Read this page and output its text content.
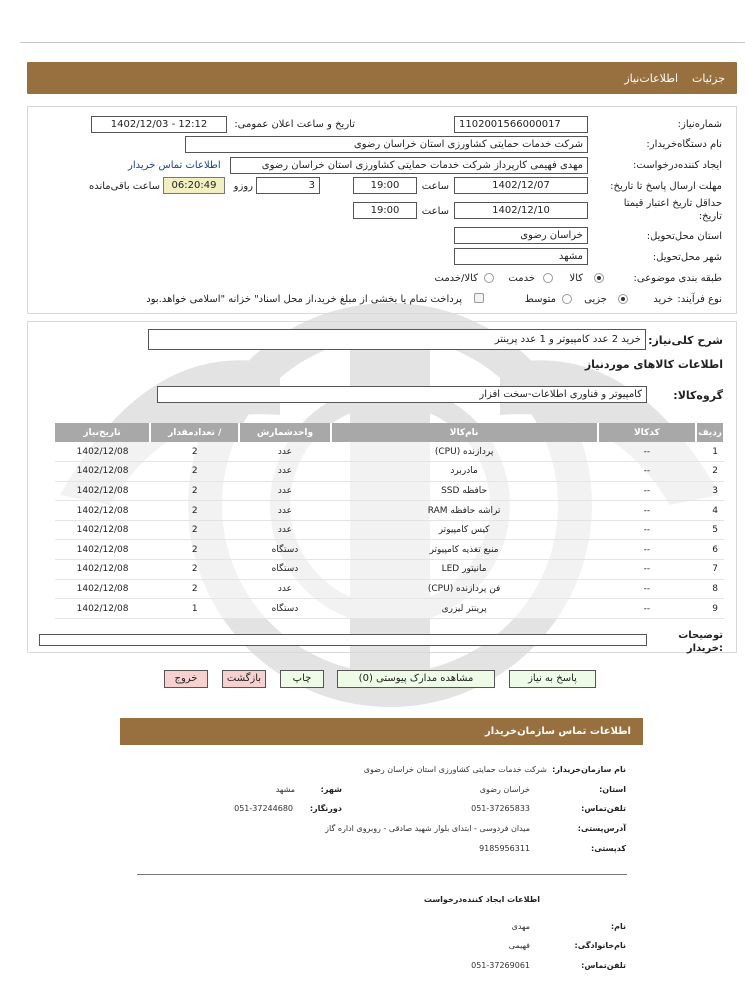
جزئیات
اطلاعات‌نیاز
شماره‌نیاز:
1102001566000017
تاریخ و ساعت اعلان عمومی:
1402/12/03 - 12:12
نام دستگاه‌خریدار:
شرکت خدمات حمایتی کشاورزی استان خراسان رضوی
ایجاد کننده‌درخواست:
مهدی فهیمی کارپرداز شرکت خدمات حمایتی کشاورزی استان خراسان رضوی
اطلاعات تماس خریدار
مهلت ارسال پاسخ تا تاریخ:
1402/12/07
ساعت
19:00
3
روزو
06:20:49
ساعت باقی‌مانده
حداقل تاریخ اعتبار قیمتا
تاریخ:
1402/12/10
ساعت
19:00
استان محل‌تحویل:
خراسان رضوی
شهر محل‌تحویل:
مشهد
طبقه بندی موضوعی:
کالا
خدمت
کالا/خدمت
نوع فرآیند:
خرید
جزیی
متوسط
پرداخت تمام یا بخشی از مبلغ خرید،از محل اسناد" خزانه "اسلامی خواهد.بود
شرح کلی‌نیاز:
خرید 2 عدد کامپیوتر و 1 عدد پرینتر
اطلاعات کالاهای موردنیاز
گروه‌کالا:
کامپیوتر و فناوری اطلاعات-سخت افزار
ردیف	کدکالا	نام‌کالا	واحدشمارش	/ تعدادمقدار	تاریخ‌نیاز
1	--	پردازنده (CPU)	عدد	2	1402/12/08
2	--	مادربرد	عدد	2	1402/12/08
3	--	حافظه SSD	عدد	2	1402/12/08
4	--	تراشه حافظه RAM	عدد	2	1402/12/08
5	--	کیس کامپیوتر	عدد	2	1402/12/08
6	--	منبع تغذیه کامپیوتر	دستگاه	2	1402/12/08
7	--	مانیتور LED	دستگاه	2	1402/12/08
8	--	فن پردازنده (CPU)	عدد	2	1402/12/08
9	--	پرینتر لیزری	دستگاه	1	1402/12/08
توضیحات
:خریدار
پاسخ به نیاز
مشاهده مدارک پیوستی (0)
چاپ
بازگشت
خروج
اطلاعات تماس سازمان‌خریدار
نام سازمان‌خریدار:
شرکت خدمات حمایتی کشاورزی استان خراسان رضوی
استان:
خراسان رضوی
شهر:
مشهد
تلفن‌تماس:
051-37265833
دورنگار:
051-37244680
آدرس‌پستی:
میدان فردوسی - ابتدای بلوار شهید صادقی - روبروی اداره گاز
کدپستی:
9185956311
اطلاعات ایجاد کننده‌درخواست
نام:
مهدی
نام‌خانوادگی:
فهیمی
تلفن‌تماس:
051-37269061
